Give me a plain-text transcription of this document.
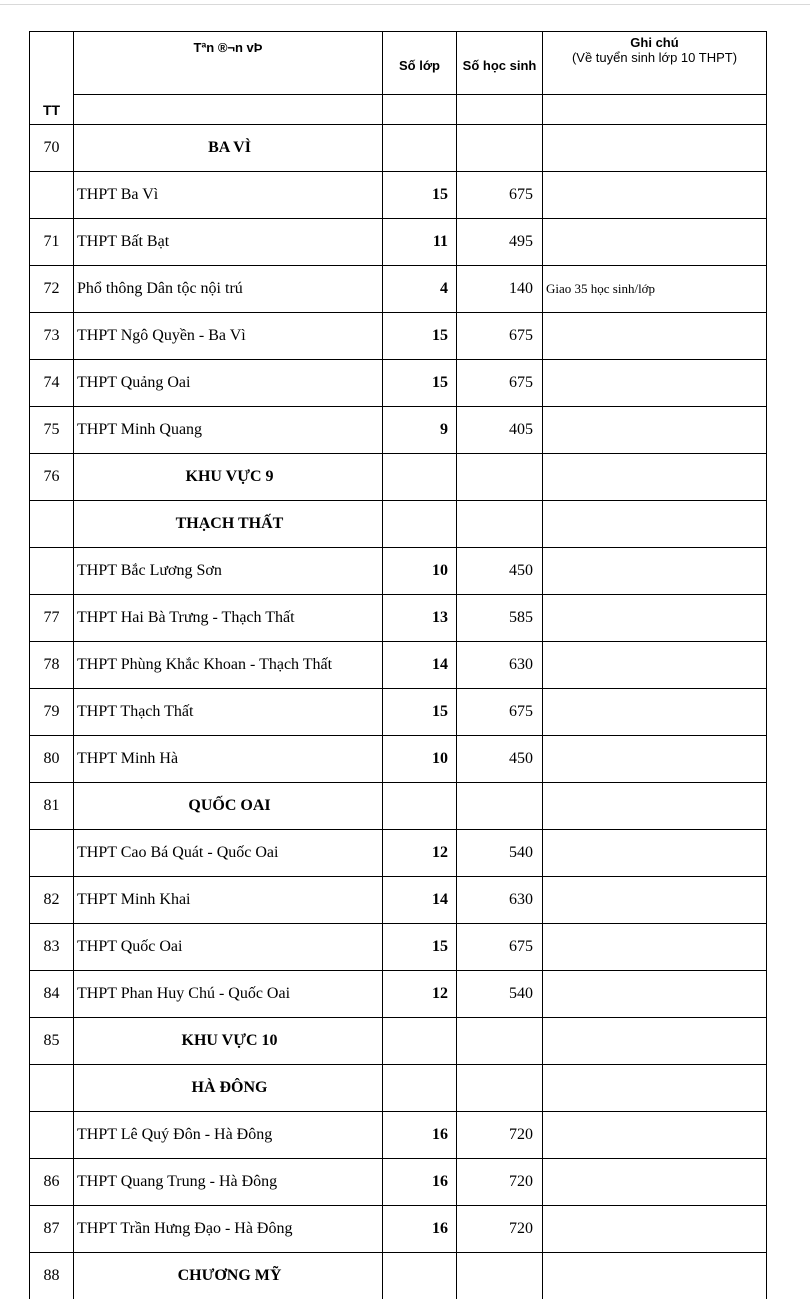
TT	Tªn ®¬n vÞ	Số lớp	Số học sinh	Ghi chú
(Về tuyển sinh lớp 10 THPT)

70	BA VÌ			
	THPT Ba Vì	15	675	
71	THPT Bất Bạt	11	495	
72	Phổ thông Dân tộc nội trú	4	140	Giao 35 học sinh/lớp
73	THPT Ngô Quyền - Ba Vì	15	675	
74	THPT Quảng Oai	15	675	
75	THPT Minh Quang	9	405	
76	KHU VỰC 9			
	THẠCH THẤT			
	THPT Bắc Lương Sơn	10	450	
77	THPT Hai Bà Trưng - Thạch Thất	13	585	
78	THPT Phùng Khắc Khoan - Thạch Thất	14	630	
79	THPT Thạch Thất	15	675	
80	THPT Minh Hà	10	450	
81	QUỐC OAI			
	THPT Cao Bá Quát - Quốc Oai	12	540	
82	THPT Minh Khai	14	630	
83	THPT Quốc Oai	15	675	
84	THPT Phan Huy Chú - Quốc Oai	12	540	
85	KHU VỰC 10			
	HÀ ĐÔNG			
	THPT Lê Quý Đôn - Hà Đông	16	720	
86	THPT Quang Trung - Hà Đông	16	720	
87	THPT Trần Hưng Đạo - Hà Đông	16	720	
88	CHƯƠNG MỸ			
